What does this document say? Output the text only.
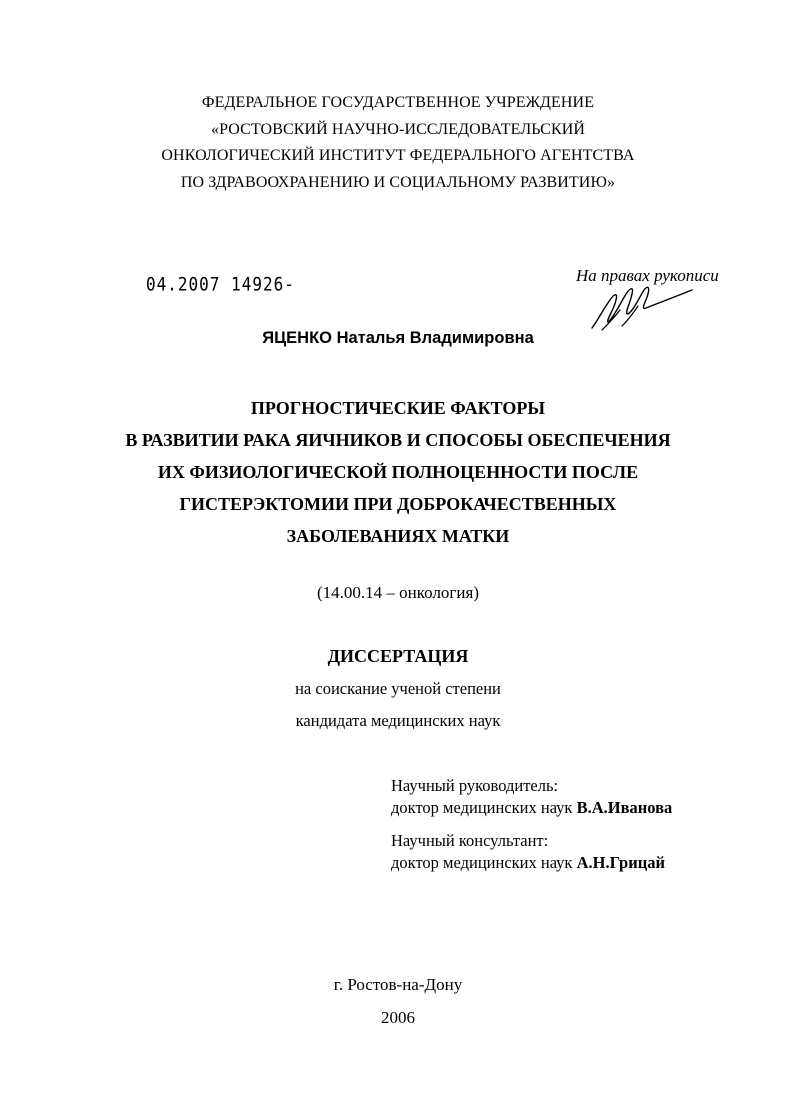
ФЕДЕРАЛЬНОЕ ГОСУДАРСТВЕННОЕ УЧРЕЖДЕНИЕ
«РОСТОВСКИЙ НАУЧНО-ИССЛЕДОВАТЕЛЬСКИЙ
ОНКОЛОГИЧЕСКИЙ ИНСТИТУТ ФЕДЕРАЛЬНОГО АГЕНТСТВА
ПО ЗДРАВООХРАНЕНИЮ И СОЦИАЛЬНОМУ РАЗВИТИЮ»
04.2007 14926-	На правах рукописи
ЯЦЕНКО Наталья Владимировна
ПРОГНОСТИЧЕСКИЕ ФАКТОРЫ
В РАЗВИТИИ РАКА ЯИЧНИКОВ И СПОСОБЫ ОБЕСПЕЧЕНИЯ
ИХ ФИЗИОЛОГИЧЕСКОЙ ПОЛНОЦЕННОСТИ ПОСЛЕ
ГИСТЕРЭКТОМИИ ПРИ ДОБРОКАЧЕСТВЕННЫХ
ЗАБОЛЕВАНИЯХ МАТКИ
(14.00.14 – онкология)
ДИССЕРТАЦИЯ
на соискание ученой степени
кандидата медицинских наук
Научный руководитель:
доктор медицинских наук В.А.Иванова
Научный консультант:
доктор медицинских наук А.Н.Грицай
г. Ростов-на-Дону
2006
